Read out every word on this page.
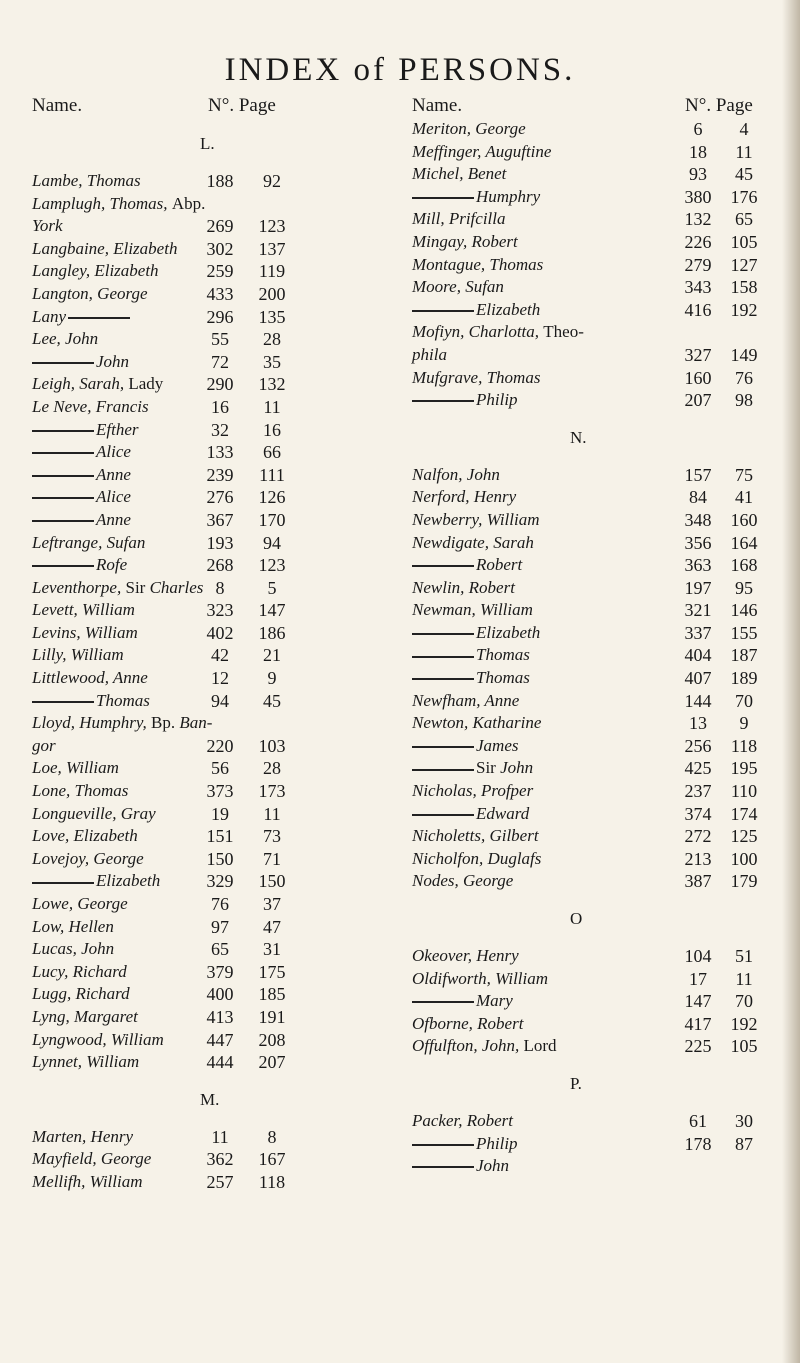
INDEX of PERSONS.
Name.	N°. Page
L.
Lambe, Thomas	188	92
Lamplugh, Thomas, Abp.
York	269	123
Langbaine, Elizabeth	302	137
Langley, Elizabeth	259	119
Langton, George	433	200
Lany	296	135
Lee, John	55	28
John	72	35
Leigh, Sarah, Lady	290	132
Le Neve, Francis	16	11
Efther	32	16
Alice	133	66
Anne	239	111
Alice	276	126
Anne	367	170
Leftrange, Sufan	193	94
Rofe	268	123
Leventhorpe, Sir Charles 8	5
Levett, William	323	147
Levins, William	402	186
Lilly, William	42	21
Littlewood, Anne	12	9
Thomas	94	45
Lloyd, Humphry, Bp. Ban-
gor	220	103
Loe, William	56	28
Lone, Thomas	373	173
Longueville, Gray	19	11
Love, Elizabeth	151	73
Lovejoy, George	150	71
Elizabeth	329	150
Lowe, George	76	37
Low, Hellen	97	47
Lucas, John	65	31
Lucy, Richard	379	175
Lugg, Richard	400	185
Lyng, Margaret	413	191
Lyngwood, William	447	208
Lynnet, William	444	207
M.
Marten, Henry	11	8
Mayfield, George	362	167
Mellifh, William	257	118
Name.	N°. Page
Meriton, George	6	4
Meffinger, Auguftine	18	11
Michel, Benet	93	45
Humphry	380	176
Mill, Prifcilla	132	65
Mingay, Robert	226	105
Montague, Thomas	279	127
Moore, Sufan	343	158
Elizabeth	416	192
Mofiyn, Charlotta, Theo-
phila	327	149
Mufgrave, Thomas	160	76
Philip	207	98
N.
Nalfon, John	157	75
Nerford, Henry	84	41
Newberry, William	348	160
Newdigate, Sarah	356	164
Robert	363	168
Newlin, Robert	197	95
Newman, William	321	146
Elizabeth	337	155
Thomas	404	187
Thomas	407	189
Newfham, Anne	144	70
Newton, Katharine	13	9
James	256	118
Sir John	425	195
Nicholas, Profper	237	110
Edward	374	174
Nicholetts, Gilbert	272	125
Nicholfon, Duglafs	213	100
Nodes, George	387	179
O
Okeover, Henry	104	51
Oldifworth, William	17	11
Mary	147	70
Ofborne, Robert	417	192
Offulfton, John, Lord	225	105
P.
Packer, Robert	61	30
Philip	178	87
John
